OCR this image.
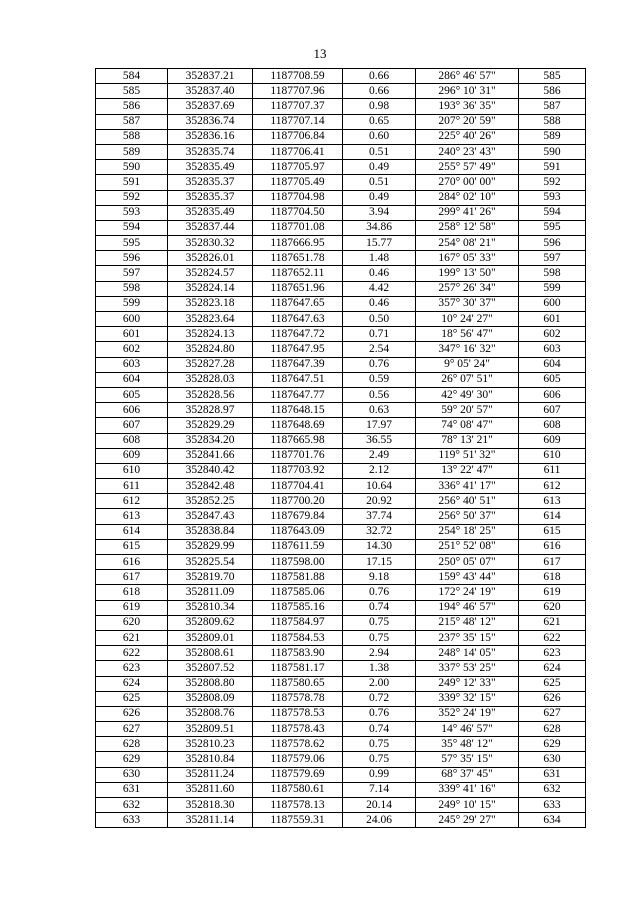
13
584	352837.21	1187708.59	0.66	286° 46' 57"	585
585	352837.40	1187707.96	0.66	296° 10' 31"	586
586	352837.69	1187707.37	0.98	193° 36' 35"	587
587	352836.74	1187707.14	0.65	207° 20' 59"	588
588	352836.16	1187706.84	0.60	225° 40' 26"	589
589	352835.74	1187706.41	0.51	240° 23' 43"	590
590	352835.49	1187705.97	0.49	255° 57' 49"	591
591	352835.37	1187705.49	0.51	270° 00' 00"	592
592	352835.37	1187704.98	0.49	284° 02' 10"	593
593	352835.49	1187704.50	3.94	299° 41' 26"	594
594	352837.44	1187701.08	34.86	258° 12' 58"	595
595	352830.32	1187666.95	15.77	254° 08' 21"	596
596	352826.01	1187651.78	1.48	167° 05' 33"	597
597	352824.57	1187652.11	0.46	199° 13' 50"	598
598	352824.14	1187651.96	4.42	257° 26' 34"	599
599	352823.18	1187647.65	0.46	357° 30' 37"	600
600	352823.64	1187647.63	0.50	10° 24' 27"	601
601	352824.13	1187647.72	0.71	18° 56' 47"	602
602	352824.80	1187647.95	2.54	347° 16' 32"	603
603	352827.28	1187647.39	0.76	9° 05' 24"	604
604	352828.03	1187647.51	0.59	26° 07' 51"	605
605	352828.56	1187647.77	0.56	42° 49' 30"	606
606	352828.97	1187648.15	0.63	59° 20' 57"	607
607	352829.29	1187648.69	17.97	74° 08' 47"	608
608	352834.20	1187665.98	36.55	78° 13' 21"	609
609	352841.66	1187701.76	2.49	119° 51' 32"	610
610	352840.42	1187703.92	2.12	13° 22' 47"	611
611	352842.48	1187704.41	10.64	336° 41' 17"	612
612	352852.25	1187700.20	20.92	256° 40' 51"	613
613	352847.43	1187679.84	37.74	256° 50' 37"	614
614	352838.84	1187643.09	32.72	254° 18' 25"	615
615	352829.99	1187611.59	14.30	251° 52' 08"	616
616	352825.54	1187598.00	17.15	250° 05' 07"	617
617	352819.70	1187581.88	9.18	159° 43' 44"	618
618	352811.09	1187585.06	0.76	172° 24' 19"	619
619	352810.34	1187585.16	0.74	194° 46' 57"	620
620	352809.62	1187584.97	0.75	215° 48' 12"	621
621	352809.01	1187584.53	0.75	237° 35' 15"	622
622	352808.61	1187583.90	2.94	248° 14' 05"	623
623	352807.52	1187581.17	1.38	337° 53' 25"	624
624	352808.80	1187580.65	2.00	249° 12' 33"	625
625	352808.09	1187578.78	0.72	339° 32' 15"	626
626	352808.76	1187578.53	0.76	352° 24' 19"	627
627	352809.51	1187578.43	0.74	14° 46' 57"	628
628	352810.23	1187578.62	0.75	35° 48' 12"	629
629	352810.84	1187579.06	0.75	57° 35' 15"	630
630	352811.24	1187579.69	0.99	68° 37' 45"	631
631	352811.60	1187580.61	7.14	339° 41' 16"	632
632	352818.30	1187578.13	20.14	249° 10' 15"	633
633	352811.14	1187559.31	24.06	245° 29' 27"	634
